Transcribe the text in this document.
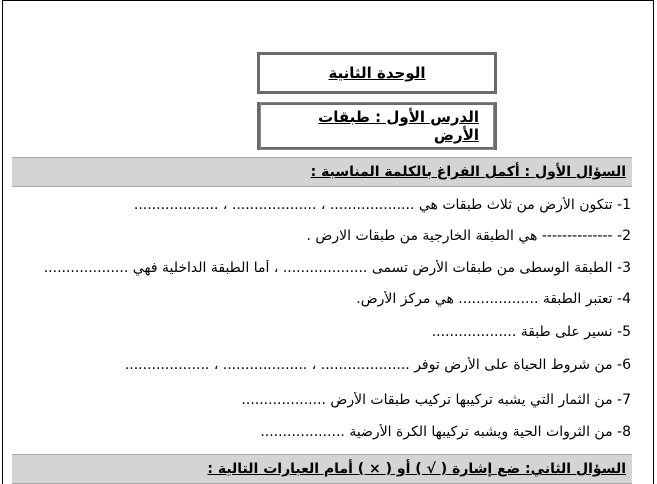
الوحدة الثانية
الدرس الأول : طبقات الأرض
السؤال الأول : أكمل الفراغ بالكلمة المناسبة :
1- تتكون الأرض من ثلاث طبقات هي ................... ، ................... ، ...................
2- -------------- هي الطبقة الخارجية من طبقات الارض .
3- الطبقة الوسطى من طبقات الأرض تسمى ................... ، أما الطبقة الداخلية فهي ...................
4- تعتبر الطبقة .................. هي مركز الأرض.
5- نسير على طبقة ...................
6- من شروط الحياة على الأرض توفر .................... ، ................... ، ...................
7- من الثمار التي يشبه تركيبها تركيب طبقات الأرض ...................
8- من الثروات الحية ويشبه تركيبها الكرة الأرضية ...................
السؤال الثاني: ضع إشارة ( √ ) أو ( × ) أمام العبارات التالية :
